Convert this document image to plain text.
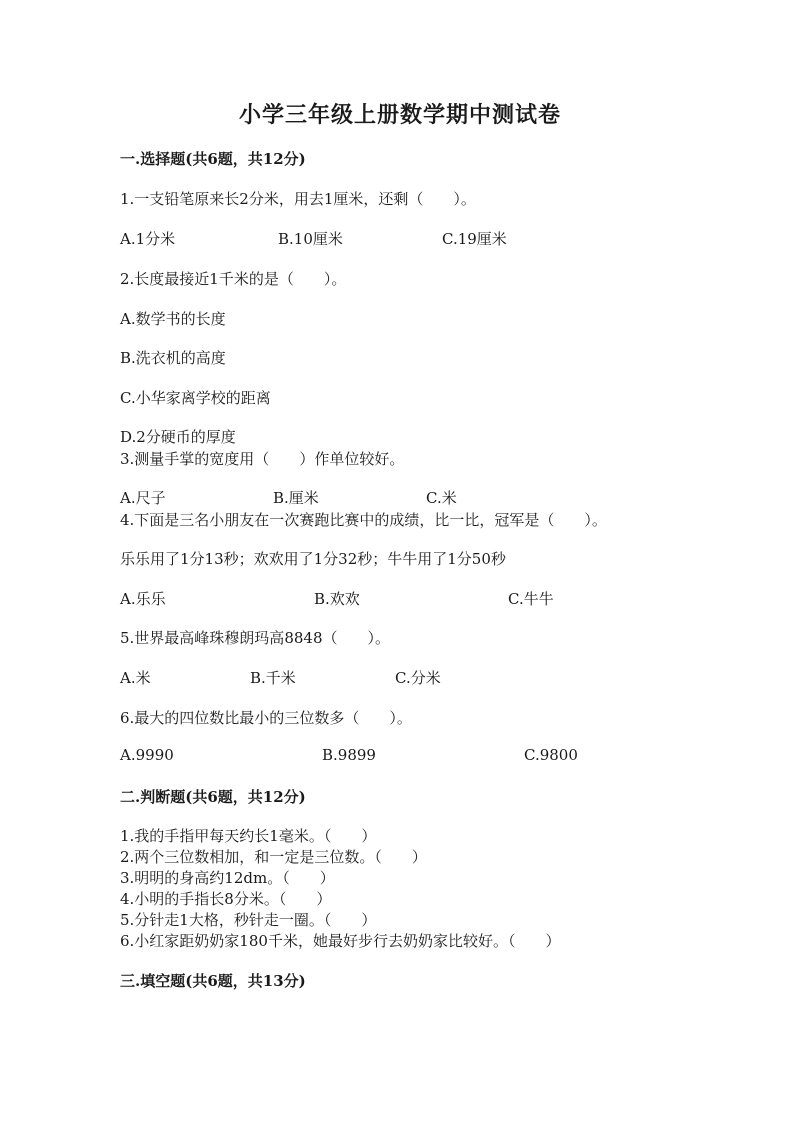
小学三年级上册数学期中测试卷
一.选择题(共6题，共12分)
1.一支铅笔原来长2分米，用去1厘米，还剩（　　）。
A.1分米	B.10厘米	C.19厘米
2.长度最接近1千米的是（　　）。
A.数学书的长度
B.洗衣机的高度
C.小华家离学校的距离
D.2分硬币的厚度
3.测量手掌的宽度用（　　）作单位较好。
A.尺子	B.厘米	C.米
4.下面是三名小朋友在一次赛跑比赛中的成绩，比一比，冠军是（　　）。
乐乐用了1分13秒；欢欢用了1分32秒；牛牛用了1分50秒
A.乐乐	B.欢欢	C.牛牛
5.世界最高峰珠穆朗玛高8848（　　）。
A.米	B.千米	C.分米
6.最大的四位数比最小的三位数多（　　）。
A.9990	B.9899	C.9800
二.判断题(共6题，共12分)
1.我的手指甲每天约长1毫米。（　　）
2.两个三位数相加，和一定是三位数。（　　）
3.明明的身高约12dm。（　　）
4.小明的手指长8分米。（　　）
5.分针走1大格，秒针走一圈。（　　）
6.小红家距奶奶家180千米，她最好步行去奶奶家比较好。（　　）
三.填空题(共6题，共13分)
